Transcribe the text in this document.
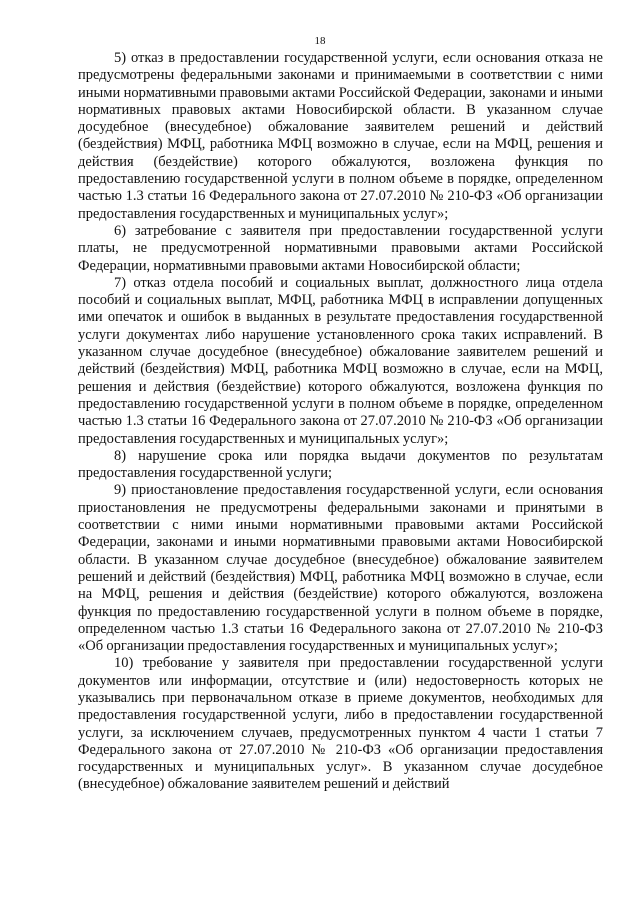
18

5) отказ в предоставлении государственной услуги, если основания отказа не предусмотрены федеральными законами и принимаемыми в соответствии с ними иными нормативными правовыми актами Российской Федерации, законами и иными нормативных правовых актами Новосибирской области. В указанном случае досудебное (внесудебное) обжалование заявителем решений и действий (бездействия) МФЦ, работника МФЦ возможно в случае, если на МФЦ, решения и действия (бездействие) которого обжалуются, возложена функция по предоставлению государственной услуги в полном объеме в порядке, определенном частью 1.3 статьи 16 Федерального закона от 27.07.2010 № 210-ФЗ «Об организации предоставления государственных и муниципальных услуг»;

6) затребование с заявителя при предоставлении государственной услуги платы, не предусмотренной нормативными правовыми актами Российской Федерации, нормативными правовыми актами Новосибирской области;

7) отказ отдела пособий и социальных выплат, должностного лица отдела пособий и социальных выплат, МФЦ, работника МФЦ в исправлении допущенных ими опечаток и ошибок в выданных в результате предоставления государственной услуги документах либо нарушение установленного срока таких исправлений. В указанном случае досудебное (внесудебное) обжалование заявителем решений и действий (бездействия) МФЦ, работника МФЦ возможно в случае, если на МФЦ, решения и действия (бездействие) которого обжалуются, возложена функция по предоставлению государственной услуги в полном объеме в порядке, определенном частью 1.3 статьи 16 Федерального закона от 27.07.2010 № 210-ФЗ «Об организации предоставления государственных и муниципальных услуг»;

8) нарушение срока или порядка выдачи документов по результатам предоставления государственной услуги;

9) приостановление предоставления государственной услуги, если основания приостановления не предусмотрены федеральными законами и принятыми в соответствии с ними иными нормативными правовыми актами Российской Федерации, законами и иными нормативными правовыми актами Новосибирской области. В указанном случае досудебное (внесудебное) обжалование заявителем решений и действий (бездействия) МФЦ, работника МФЦ возможно в случае, если на МФЦ, решения и действия (бездействие) которого обжалуются, возложена функция по предоставлению государственной услуги в полном объеме в порядке, определенном частью 1.3 статьи 16 Федерального закона от 27.07.2010 № 210-ФЗ «Об организации предоставления государственных и муниципальных услуг»;

10) требование у заявителя при предоставлении государственной услуги документов или информации, отсутствие и (или) недостоверность которых не указывались при первоначальном отказе в приеме документов, необходимых для предоставления государственной услуги, либо в предоставлении государственной услуги, за исключением случаев, предусмотренных пунктом 4 части 1 статьи 7 Федерального закона от 27.07.2010 № 210-ФЗ «Об организации предоставления государственных и муниципальных услуг». В указанном случае досудебное (внесудебное) обжалование заявителем решений и действий
